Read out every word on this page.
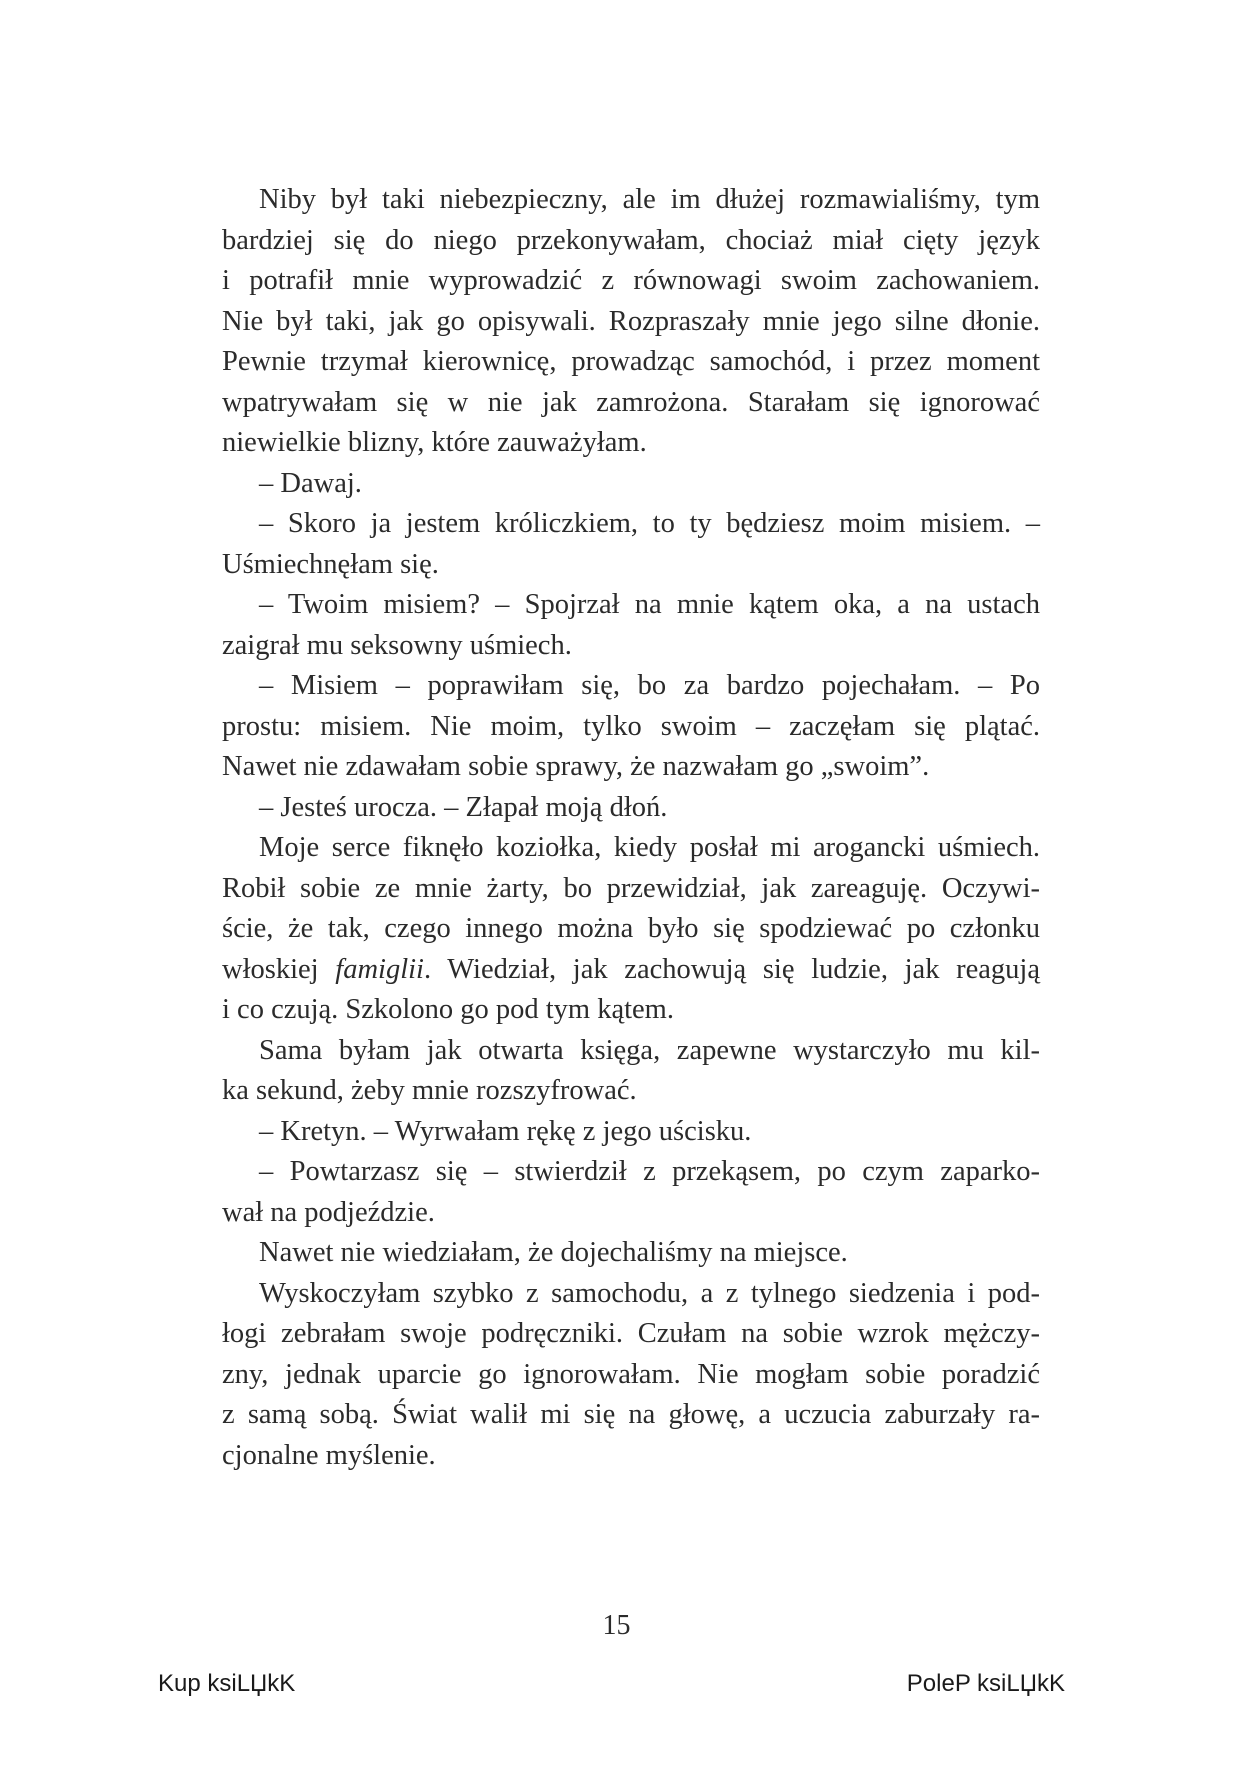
Niby był taki niebezpieczny, ale im dłużej rozmawialiśmy, tym
bardziej się do niego przekonywałam, chociaż miał cięty język
i potrafił mnie wyprowadzić z równowagi swoim zachowaniem.
Nie był taki, jak go opisywali. Rozpraszały mnie jego silne dłonie.
Pewnie trzymał kierownicę, prowadząc samochód, i przez moment
wpatrywałam się w nie jak zamrożona. Starałam się ignorować
niewielkie blizny, które zauważyłam.
– Dawaj.
– Skoro ja jestem króliczkiem, to ty będziesz moim misiem. –
Uśmiechnęłam się.
– Twoim misiem? – Spojrzał na mnie kątem oka, a na ustach
zaigrał mu seksowny uśmiech.
– Misiem – poprawiłam się, bo za bardzo pojechałam. – Po
prostu: misiem. Nie moim, tylko swoim – zaczęłam się plątać.
Nawet nie zdawałam sobie sprawy, że nazwałam go „swoim”.
– Jesteś urocza. – Złapał moją dłoń.
Moje serce fiknęło koziołka, kiedy posłał mi arogancki uśmiech.
Robił sobie ze mnie żarty, bo przewidział, jak zareaguję. Oczywi-
ście, że tak, czego innego można było się spodziewać po członku
włoskiej famiglii. Wiedział, jak zachowują się ludzie, jak reagują
i co czują. Szkolono go pod tym kątem.
Sama byłam jak otwarta księga, zapewne wystarczyło mu kil-
ka sekund, żeby mnie rozszyfrować.
– Kretyn. – Wyrwałam rękę z jego uścisku.
– Powtarzasz się – stwierdził z przekąsem, po czym zaparko-
wał na podjeździe.
Nawet nie wiedziałam, że dojechaliśmy na miejsce.
Wyskoczyłam szybko z samochodu, a z tylnego siedzenia i pod-
łogi zebrałam swoje podręczniki. Czułam na sobie wzrok mężczy-
zny, jednak uparcie go ignorowałam. Nie mogłam sobie poradzić
z samą sobą. Świat walił mi się na głowę, a uczucia zaburzały ra-
cjonalne myślenie.
15
Kup ksiLЏkK	PoleP ksiLЏkK
